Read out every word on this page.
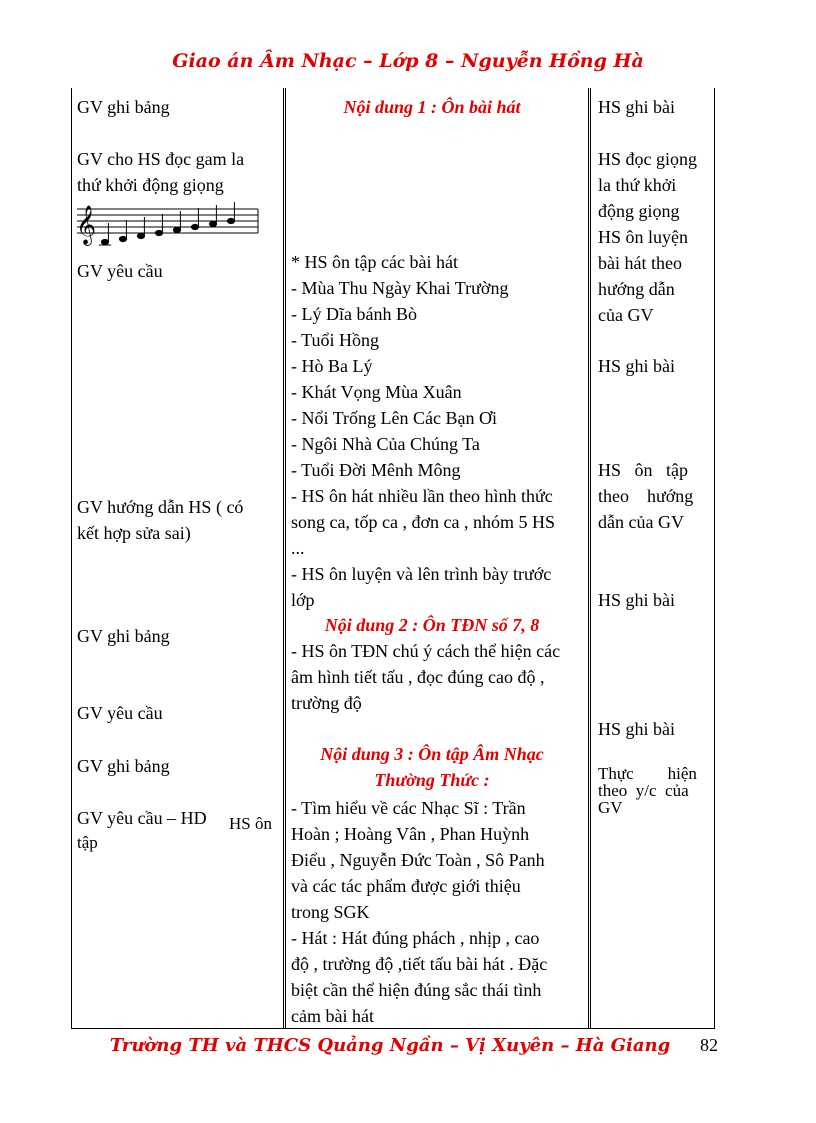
Giao án Âm Nhạc – Lớp 8 – Nguyễn Hồng Hà
GV ghi bảng
GV cho HS đọc gam la
thứ khởi động giọng
𝄞
GV yêu cầu
GV hướng dẫn HS ( có
kết hợp sửa sai)
GV ghi bảng
GV yêu cầu
GV ghi bảng
GV yêu cầu – HD HS ôn
tập
Nội dung 1 : Ôn bài hát
* HS ôn tập các bài hát
- Mùa Thu Ngày Khai Trường
- Lý Dĩa bánh Bò
- Tuổi Hồng
- Hò Ba Lý
- Khát Vọng Mùa Xuân
- Nổi Trống Lên Các Bạn Ơi
- Ngôi Nhà Của Chúng Ta
- Tuổi Đời Mênh Mông
- HS ôn hát nhiều lần theo hình thức
song ca, tốp ca , đơn ca , nhóm 5 HS
...
- HS ôn luyện và lên trình bày trước
lớp
Nội dung 2 : Ôn TĐN số 7, 8
- HS ôn TĐN chú ý cách thể hiện các
âm hình tiết tấu , đọc đúng cao độ ,
trường độ
Nội dung 3 : Ôn tập Âm Nhạc
Thường Thức :
- Tìm hiểu về các Nhạc Sĩ : Trần
Hoàn ; Hoàng Vân , Phan Huỳnh
Điểu , Nguyễn Đức Toàn , Sô Panh
và các tác phẩm được giới thiệu
trong SGK
- Hát : Hát đúng phách , nhịp , cao
độ , trường độ ,tiết tấu bài hát . Đặc
biệt cần thể hiện đúng sắc thái tình
cảm bài hát
HS ghi bài
HS đọc giọng
la thứ khởi
động giọng
HS ôn luyện
bài hát theo
hướng dẫn
của GV
HS ghi bài
HS   ôn   tập
theo    hướng
dẫn của GV
HS ghi bài
HS ghi bài
Thực        hiện
theo  y/c  của
GV
Trường TH và THCS Quảng Ngần – Vị Xuyên – Hà Giang	82
